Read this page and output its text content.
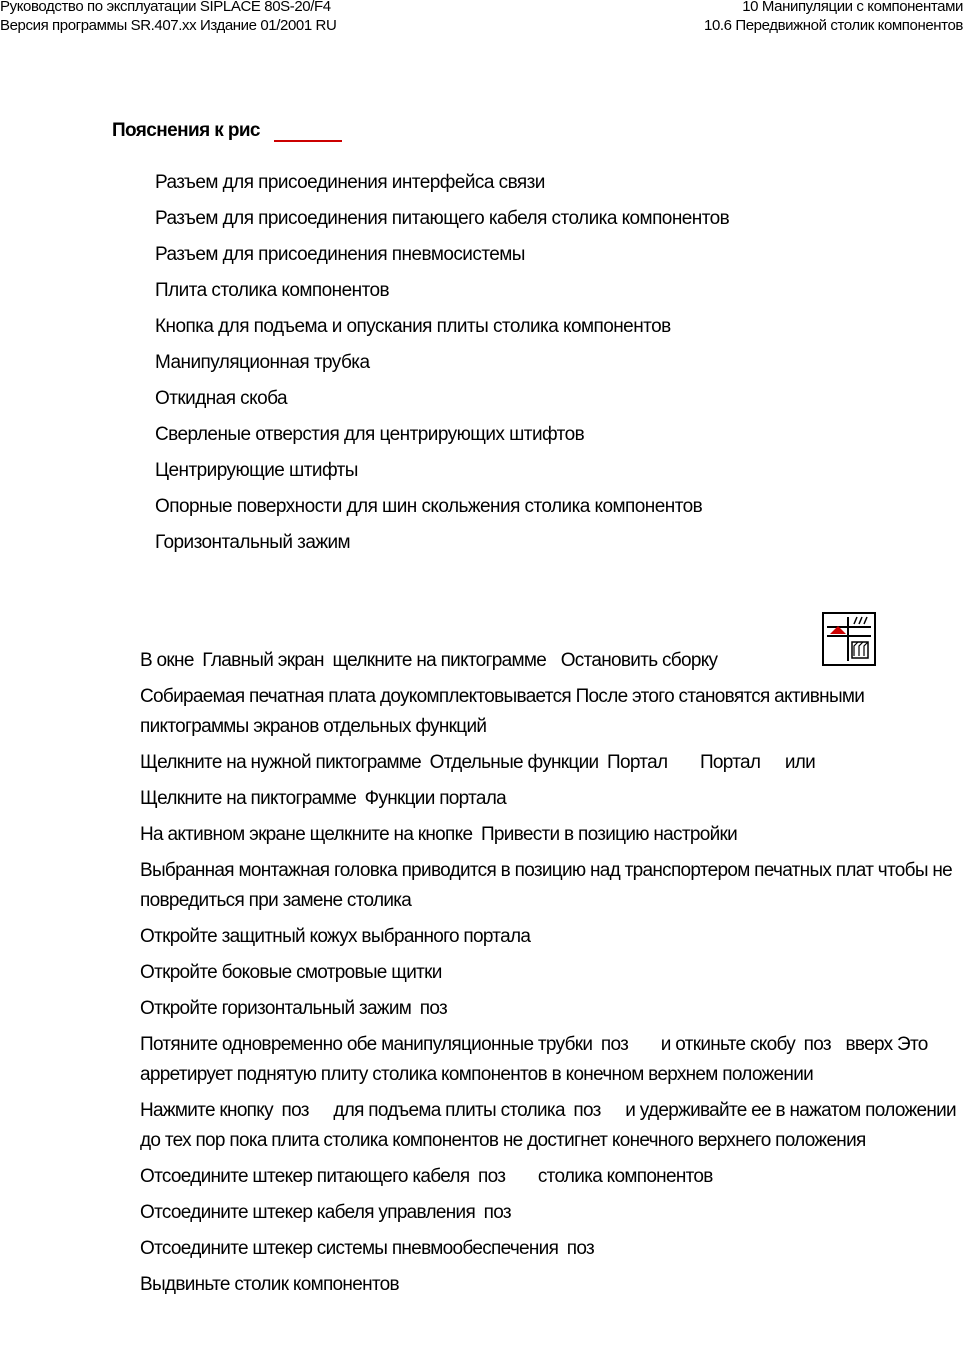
Руководство по эксплуатации SIPLACE 80S-20/F4
Версия программы SR.407.xx Издание 01/2001 RU
10 Манипуляции с компонентами
10.6 Передвижной столик компонентов
Пояснения к рис
Разъем для присоединения интерфейса связи
Разъем для присоединения питающего кабеля столика компонентов
Разъем для присоединения пневмосистемы
Плита столика компонентов
Кнопка для подъема и опускания плиты столика компонентов
Манипуляционная трубка
Откидная скоба
Сверленые отверстия для центрирующих штифтов
Центрирующие штифты
Опорные поверхности для шин скольжения столика компонентов
Горизонтальный зажим
В окне Главный экран щелкните на пиктограмме Остановить сборку
Собираемая печатная плата доукомплектовывается После этого становятся активными пиктограммы экранов отдельных функций
Щелкните на нужной пиктограмме Отдельные функции Портал Портал или
Щелкните на пиктограмме Функции портала
На активном экране щелкните на кнопке Привести в позицию настройки
Выбранная монтажная головка приводится в позицию над транспортером печатных плат чтобы не повредиться при замене столика
Откройте защитный кожух выбранного портала
Откройте боковые смотровые щитки
Откройте горизонтальный зажим поз
Потяните одновременно обе манипуляционные трубки поз и откиньте скобу поз вверх Это арретирует поднятую плиту столика компонентов в конечном верхнем положении
Нажмите кнопку поз для подъема плиты столика поз и удерживайте ее в нажатом положении до тех пор пока плита столика компонентов не достигнет конечного верхнего положения
Отсоедините штекер питающего кабеля поз столика компонентов
Отсоедините штекер кабеля управления поз
Отсоедините штекер системы пневмообеспечения поз
Выдвиньте столик компонентов
